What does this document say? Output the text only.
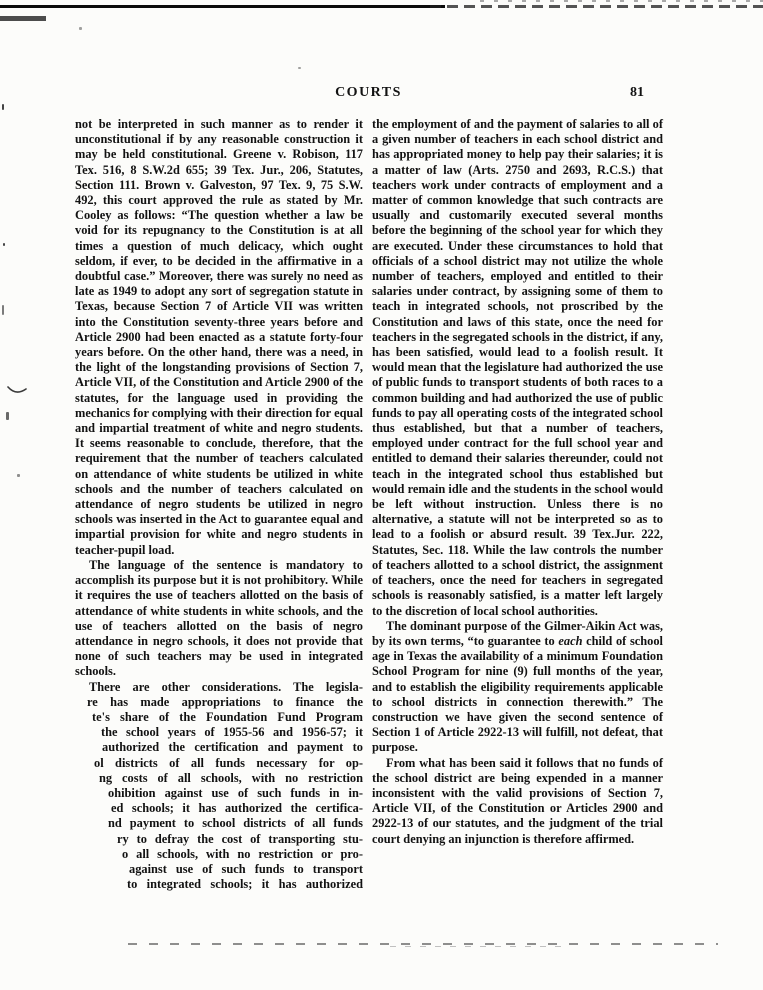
COURTS	81

not be interpreted in such manner as to render it unconstitutional if by any reasonable construction it may be held constitutional. Greene v. Robison, 117 Tex. 516, 8 S.W.2d 655; 39 Tex. Jur., 206, Statutes, Section 111. Brown v. Galveston, 97 Tex. 9, 75 S.W. 492, this court approved the rule as stated by Mr. Cooley as follows: “The question whether a law be void for its repugnancy to the Constitution is at all times a question of much delicacy, which ought seldom, if ever, to be decided in the affirmative in a doubtful case.” Moreover, there was surely no need as late as 1949 to adopt any sort of segregation statute in Texas, because Section 7 of Article VII was written into the Constitution seventy-three years before and Article 2900 had been enacted as a statute forty-four years before. On the other hand, there was a need, in the light of the longstanding provisions of Section 7, Article VII, of the Constitution and Article 2900 of the statutes, for the language used in providing the mechanics for complying with their direction for equal and impartial treatment of white and negro students. It seems reasonable to conclude, therefore, that the requirement that the number of teachers calculated on attendance of white students be utilized in white schools and the number of teachers calculated on attendance of negro students be utilized in negro schools was inserted in the Act to guarantee equal and impartial provision for white and negro students in teacher-pupil load.

The language of the sentence is mandatory to accomplish its purpose but it is not prohibitory. While it requires the use of teachers allotted on the basis of attendance of white students in white schools, and the use of teachers allotted on the basis of negro attendance in negro schools, it does not provide that none of such teachers may be used in integrated schools.

There are other considerations. The legisla-
re has made appropriations to finance the
te's share of the Foundation Fund Program
the school years of 1955-56 and 1956-57; it
authorized the certification and payment to
ol districts of all funds necessary for op-
ng costs of all schools, with no restriction
ohibition against use of such funds in in-
ed schools; it has authorized the certifica-
nd payment to school districts of all funds
ry to defray the cost of transporting stu-
o all schools, with no restriction or pro-
against use of such funds to transport
to integrated schools; it has authorized

the employment of and the payment of salaries to all of a given number of teachers in each school district and has appropriated money to help pay their salaries; it is a matter of law (Arts. 2750 and 2693, R.C.S.) that teachers work under contracts of employment and a matter of common knowledge that such contracts are usually and customarily executed several months before the beginning of the school year for which they are executed. Under these circumstances to hold that officials of a school district may not utilize the whole number of teachers, employed and entitled to their salaries under contract, by assigning some of them to teach in integrated schools, not proscribed by the Constitution and laws of this state, once the need for teachers in the segregated schools in the district, if any, has been satisfied, would lead to a foolish result. It would mean that the legislature had authorized the use of public funds to transport students of both races to a common building and had authorized the use of public funds to pay all operating costs of the integrated school thus established, but that a number of teachers, employed under contract for the full school year and entitled to demand their salaries thereunder, could not teach in the integrated school thus established but would remain idle and the students in the school would be left without instruction. Unless there is no alternative, a statute will not be interpreted so as to lead to a foolish or absurd result. 39 Tex.Jur. 222, Statutes, Sec. 118. While the law controls the number of teachers allotted to a school district, the assignment of teachers, once the need for teachers in segregated schools is reasonably satisfied, is a matter left largely to the discretion of local school authorities.

The dominant purpose of the Gilmer-Aikin Act was, by its own terms, “to guarantee to each child of school age in Texas the availability of a minimum Foundation School Program for nine (9) full months of the year, and to establish the eligibility requirements applicable to school districts in connection therewith.” The construction we have given the second sentence of Section 1 of Article 2922-13 will fulfill, not defeat, that purpose.

From what has been said it follows that no funds of the school district are being expended in a manner inconsistent with the valid provisions of Section 7, Article VII, of the Constitution or Articles 2900 and 2922-13 of our statutes, and the judgment of the trial court denying an injunction is therefore affirmed.
